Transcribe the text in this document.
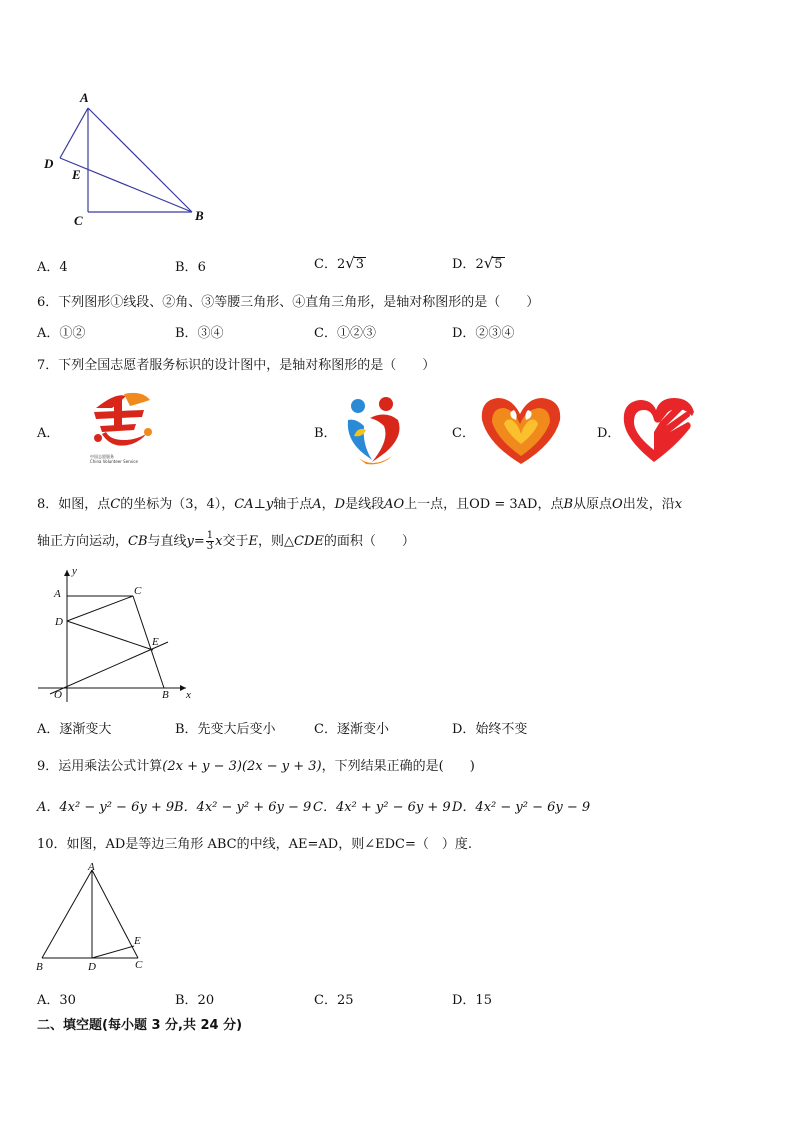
A
D
E
C	B
A．4	B．6	C．2√3	D．2√5
6．下列图形①线段、②角、③等腰三角形、④直角三角形，是轴对称图形的是（　　）
A．①②	B．③④	C．①②③	D．②③④
7．下列全国志愿者服务标识的设计图中，是轴对称图形的是（　　）
A．	B．	C．	D．
中国志愿服务
China Volunteer Service
8．如图，点C的坐标为（3，4），CA⊥y轴于点A，D是线段AO上一点，且OD = 3AD，点B从原点O出发，沿x
轴正方向运动，CB与直线$y= \frac{1}{3}$ x交于E，则△CDE的面积（　　）
y
x
A	C
D
E
O	B
A．逐渐变大	B．先变大后变小	C．逐渐变小	D．始终不变
9．运用乘法公式计算(2x + y − 3)(2x − y + 3)，下列结果正确的是(　　)
A．4x² − y² − 6y + 9 B．4x² − y² + 6y − 9 C．4x² + y² − 6y + 9 D．4x² − y² − 6y − 9
10．如图，AD是等边三角形 ABC的中线，AE=AD，则∠EDC=（　）度.
A
B	D	C
E
A．30	B．20	C．25	D．15
二、填空题(每小题 3 分,共 24 分)
